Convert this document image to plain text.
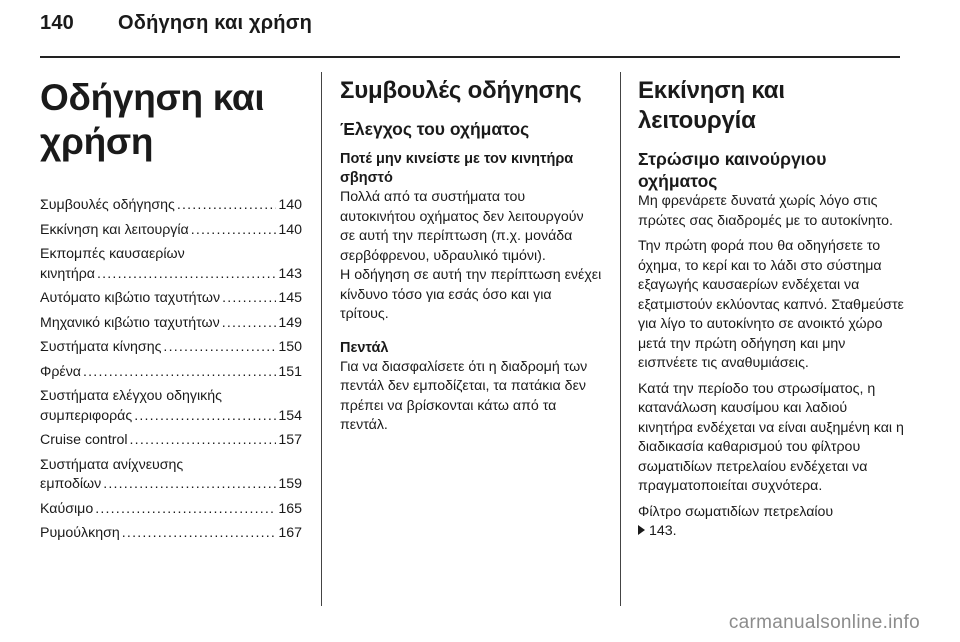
140 Οδήγηση και χρήση
Οδήγηση και χρήση
Συμβουλές οδήγησης .....	140
Εκκίνηση και λειτουργία .....	140
Εκπομπές καυσαερίων
κινητήρα .....	143
Αυτόματο κιβώτιο ταχυτήτων .....	145
Μηχανικό κιβώτιο ταχυτήτων .....	149
Συστήματα κίνησης .....	150
Φρένα .....	151
Συστήματα ελέγχου οδηγικής
συμπεριφοράς .....	154
Cruise control .....	157
Συστήματα ανίχνευσης
εμποδίων .....	159
Καύσιμο .....	165
Ρυμούλκηση .....	167
Συμβουλές οδήγησης
Έλεγχος του οχήματος
Ποτέ μην κινείστε με τον κινητήρα σβηστό

Πολλά από τα συστήματα του αυτοκινήτου οχήματος δεν λειτουργούν σε αυτή την περίπτωση (π.χ. μονάδα σερβόφρενου, υδραυλικό τιμόνι).

Η οδήγηση σε αυτή την περίπτωση ενέχει κίνδυνο τόσο για εσάς όσο και για τρίτους.

Πεντάλ

Για να διασφαλίσετε ότι η διαδρομή των πεντάλ δεν εμποδίζεται, τα πατάκια δεν πρέπει να βρίσκονται κάτω από τα πεντάλ.

Εκκίνηση και λειτουργία
Στρώσιμο καινούργιου οχήματος

Μη φρενάρετε δυνατά χωρίς λόγο στις πρώτες σας διαδρομές με το αυτοκίνητο.

Την πρώτη φορά που θα οδηγήσετε το όχημα, το κερί και το λάδι στο σύστημα εξαγωγής καυσαερίων ενδέχεται να εξατμιστούν εκλύοντας καπνό. Σταθμεύστε για λίγο το αυτοκίνητο σε ανοικτό χώρο μετά την πρώτη οδήγηση και μην εισπνέετε τις αναθυμιάσεις.

Κατά την περίοδο του στρωσίματος, η κατανάλωση καυσίμου και λαδιού κινητήρα ενδέχεται να είναι αυξημένη και η διαδικασία καθαρισμού του φίλτρου σωματιδίων πετρελαίου ενδέχεται να πραγματοποιείται συχνότερα.

Φίλτρο σωματιδίων πετρελαίου

143.

carmanualsonline.info
